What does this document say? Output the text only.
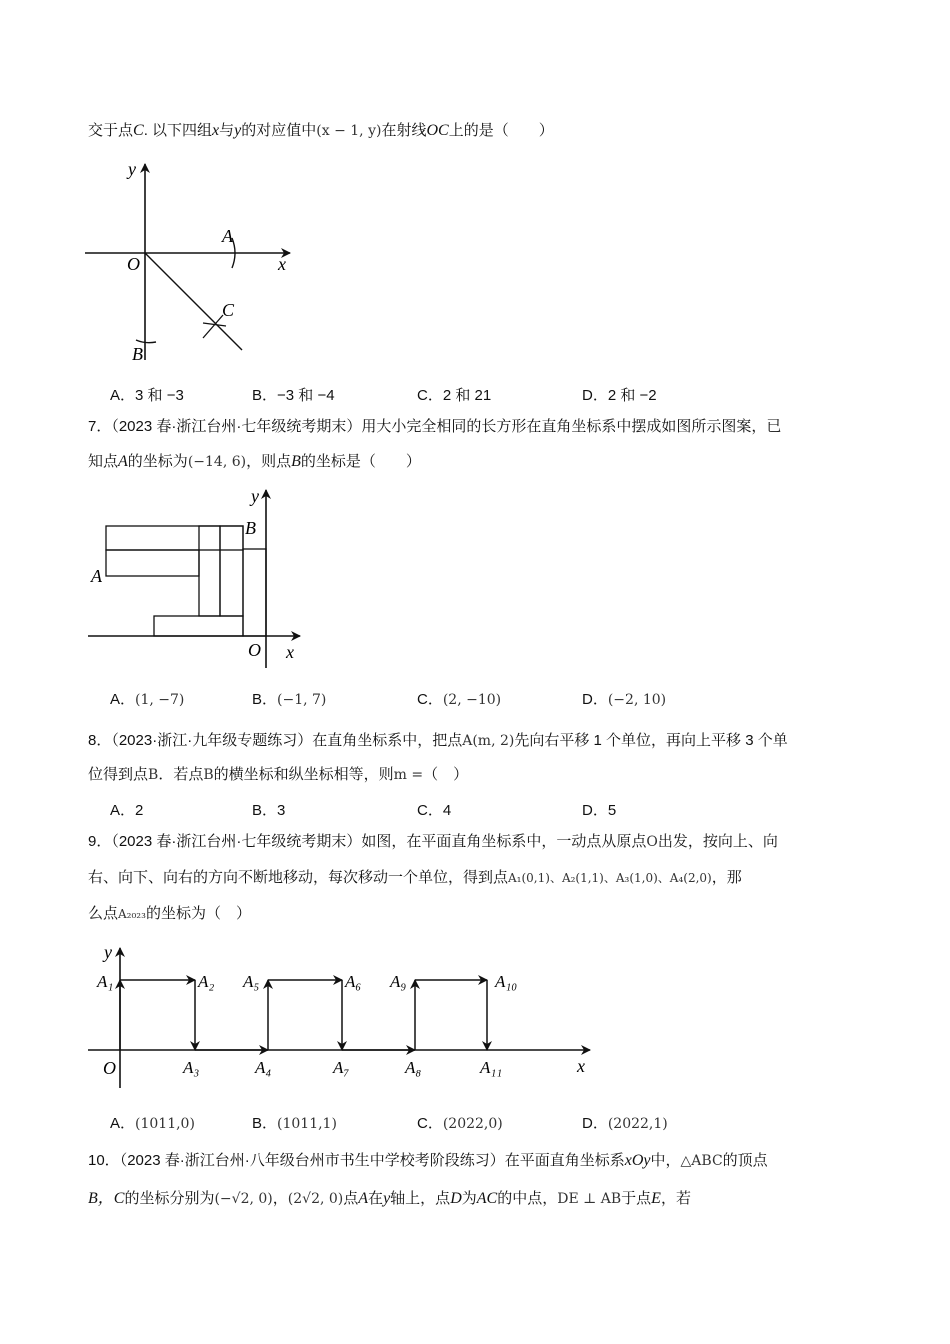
交于点C. 以下四组x与y的对应值中(x − 1, y)在射线OC上的是（　　）
y
x
O
A
B
C
A．3 和 −3	B．−3 和 −4	C．2 和 21	D．2 和 −2
7．（2023 春·浙江台州·七年级统考期末）用大小完全相同的长方形在直角坐标系中摆成如图所示图案，已
知点A的坐标为(−14, 6)，则点B的坐标是（　　）
y
x
O
A
B
A．(1, −7)	B．(−1, 7)	C．(2, −10)	D．(−2, 10)
8．（2023·浙江·九年级专题练习）在直角坐标系中，把点A(m, 2)先向右平移 1 个单位，再向上平移 3 个单
位得到点B．若点B的横坐标和纵坐标相等，则m =（　）
A．2	B．3	C．4	D．5
9．（2023 春·浙江台州·七年级统考期末）如图，在平面直角坐标系中，一动点从原点O出发，按向上、向
右、向下、向右的方向不断地移动，每次移动一个单位，得到点A₁(0,1)、A₂(1,1)、A₃(1,0)、A₄(2,0)，那
么点A₂₀₂₃的坐标为（　）
y
x
O
A₁	A₂
A₃	A₄
A₅	A₆
A₇	A₈
A₉	A₁₀
A₁₁
A．(1011,0)	B．(1011,1)	C．(2022,0)	D．(2022,1)
10．（2023 春·浙江台州·八年级台州市书生中学校考阶段练习）在平面直角坐标系xOy中，△ABC的顶点
B，C的坐标分别为(−√2, 0)，(2√2, 0)点A在y轴上，点D为AC的中点，DE ⊥ AB于点E，若
